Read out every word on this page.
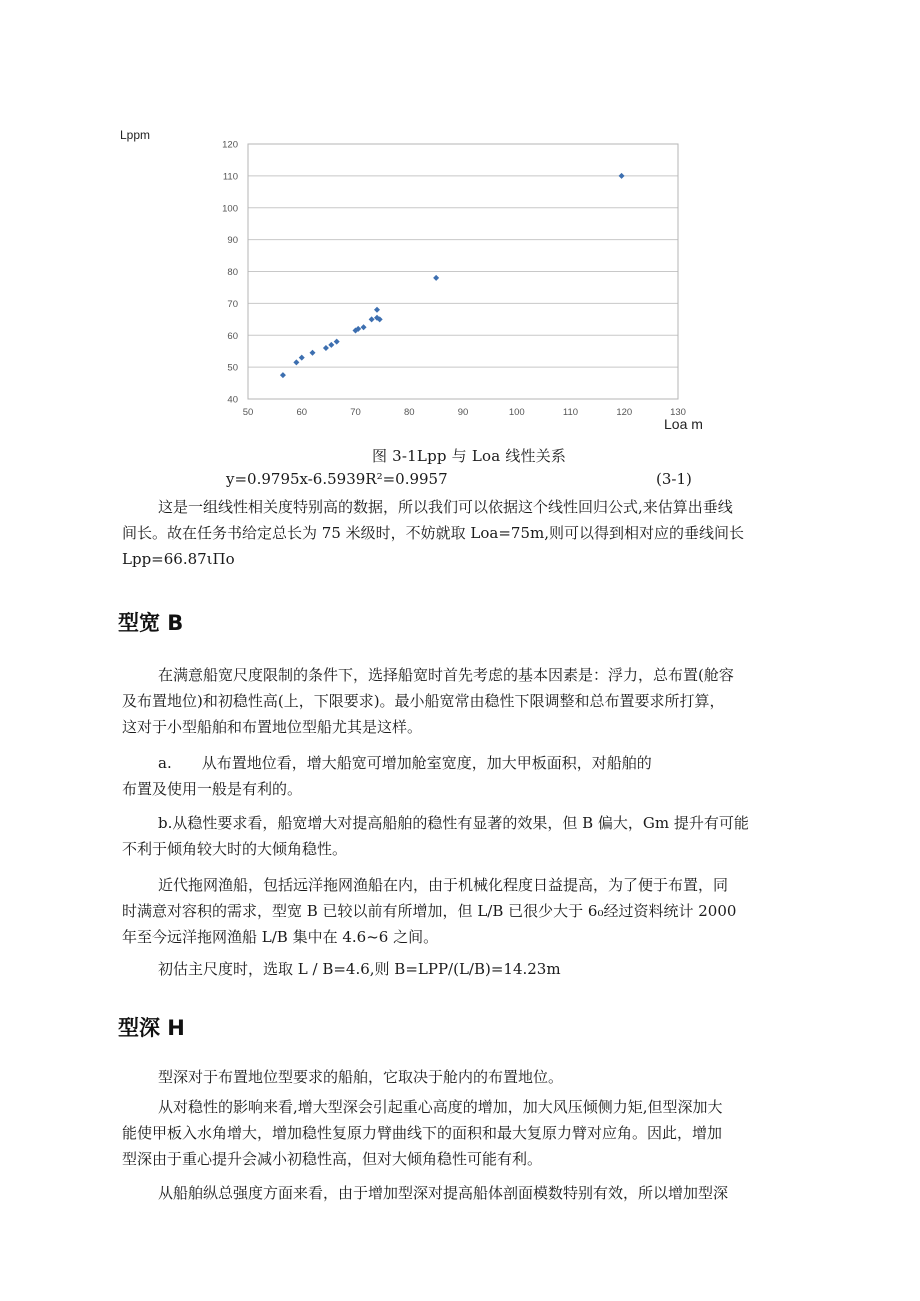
Lppm
40
50
60
70
80
90
100
110
120
50	60	70	80	90	100	110	120	130
Loa m
图 3-1Lpp 与 Loa 线性关系
y=0.9795x-6.5939R²=0.9957	(3-1)
这是一组线性相关度特别高的数据，所以我们可以依据这个线性回归公式,来估算出垂线
间长。故在任务书给定总长为 75 米级时，不妨就取 Loa=75m,则可以得到相对应的垂线间长
Lpp=66.87ιΠo
型宽 B
在满意船宽尺度限制的条件下，选择船宽时首先考虑的基本因素是：浮力，总布置(舱容
及布置地位)和初稳性高(上，下限要求)。最小船宽常由稳性下限调整和总布置要求所打算，
这对于小型船舶和布置地位型船尤其是这样。
a.　　从布置地位看，增大船宽可增加舱室宽度，加大甲板面积，对船舶的
布置及使用一般是有利的。
b.从稳性要求看，船宽增大对提高船舶的稳性有显著的效果，但 B 偏大，Gm 提升有可能
不利于倾角较大时的大倾角稳性。
近代拖网渔船，包括远洋拖网渔船在内，由于机械化程度日益提高，为了便于布置，同
时满意对容积的需求，型宽 B 已较以前有所增加，但 L/B 已很少大于 6₀经过资料统计 2000
年至今远洋拖网渔船 L/B 集中在 4.6~6 之间。
初估主尺度时，选取 L / B=4.6,则 B=LPP/(L/B)=14.23m
型深 H
型深对于布置地位型要求的船舶，它取决于舱内的布置地位。
从对稳性的影响来看,增大型深会引起重心高度的增加，加大风压倾侧力矩,但型深加大
能使甲板入水角增大，增加稳性复原力臂曲线下的面积和最大复原力臂对应角。因此，增加
型深由于重心提升会减小初稳性高，但对大倾角稳性可能有利。
从船舶纵总强度方面来看，由于增加型深对提高船体剖面模数特别有效，所以增加型深
